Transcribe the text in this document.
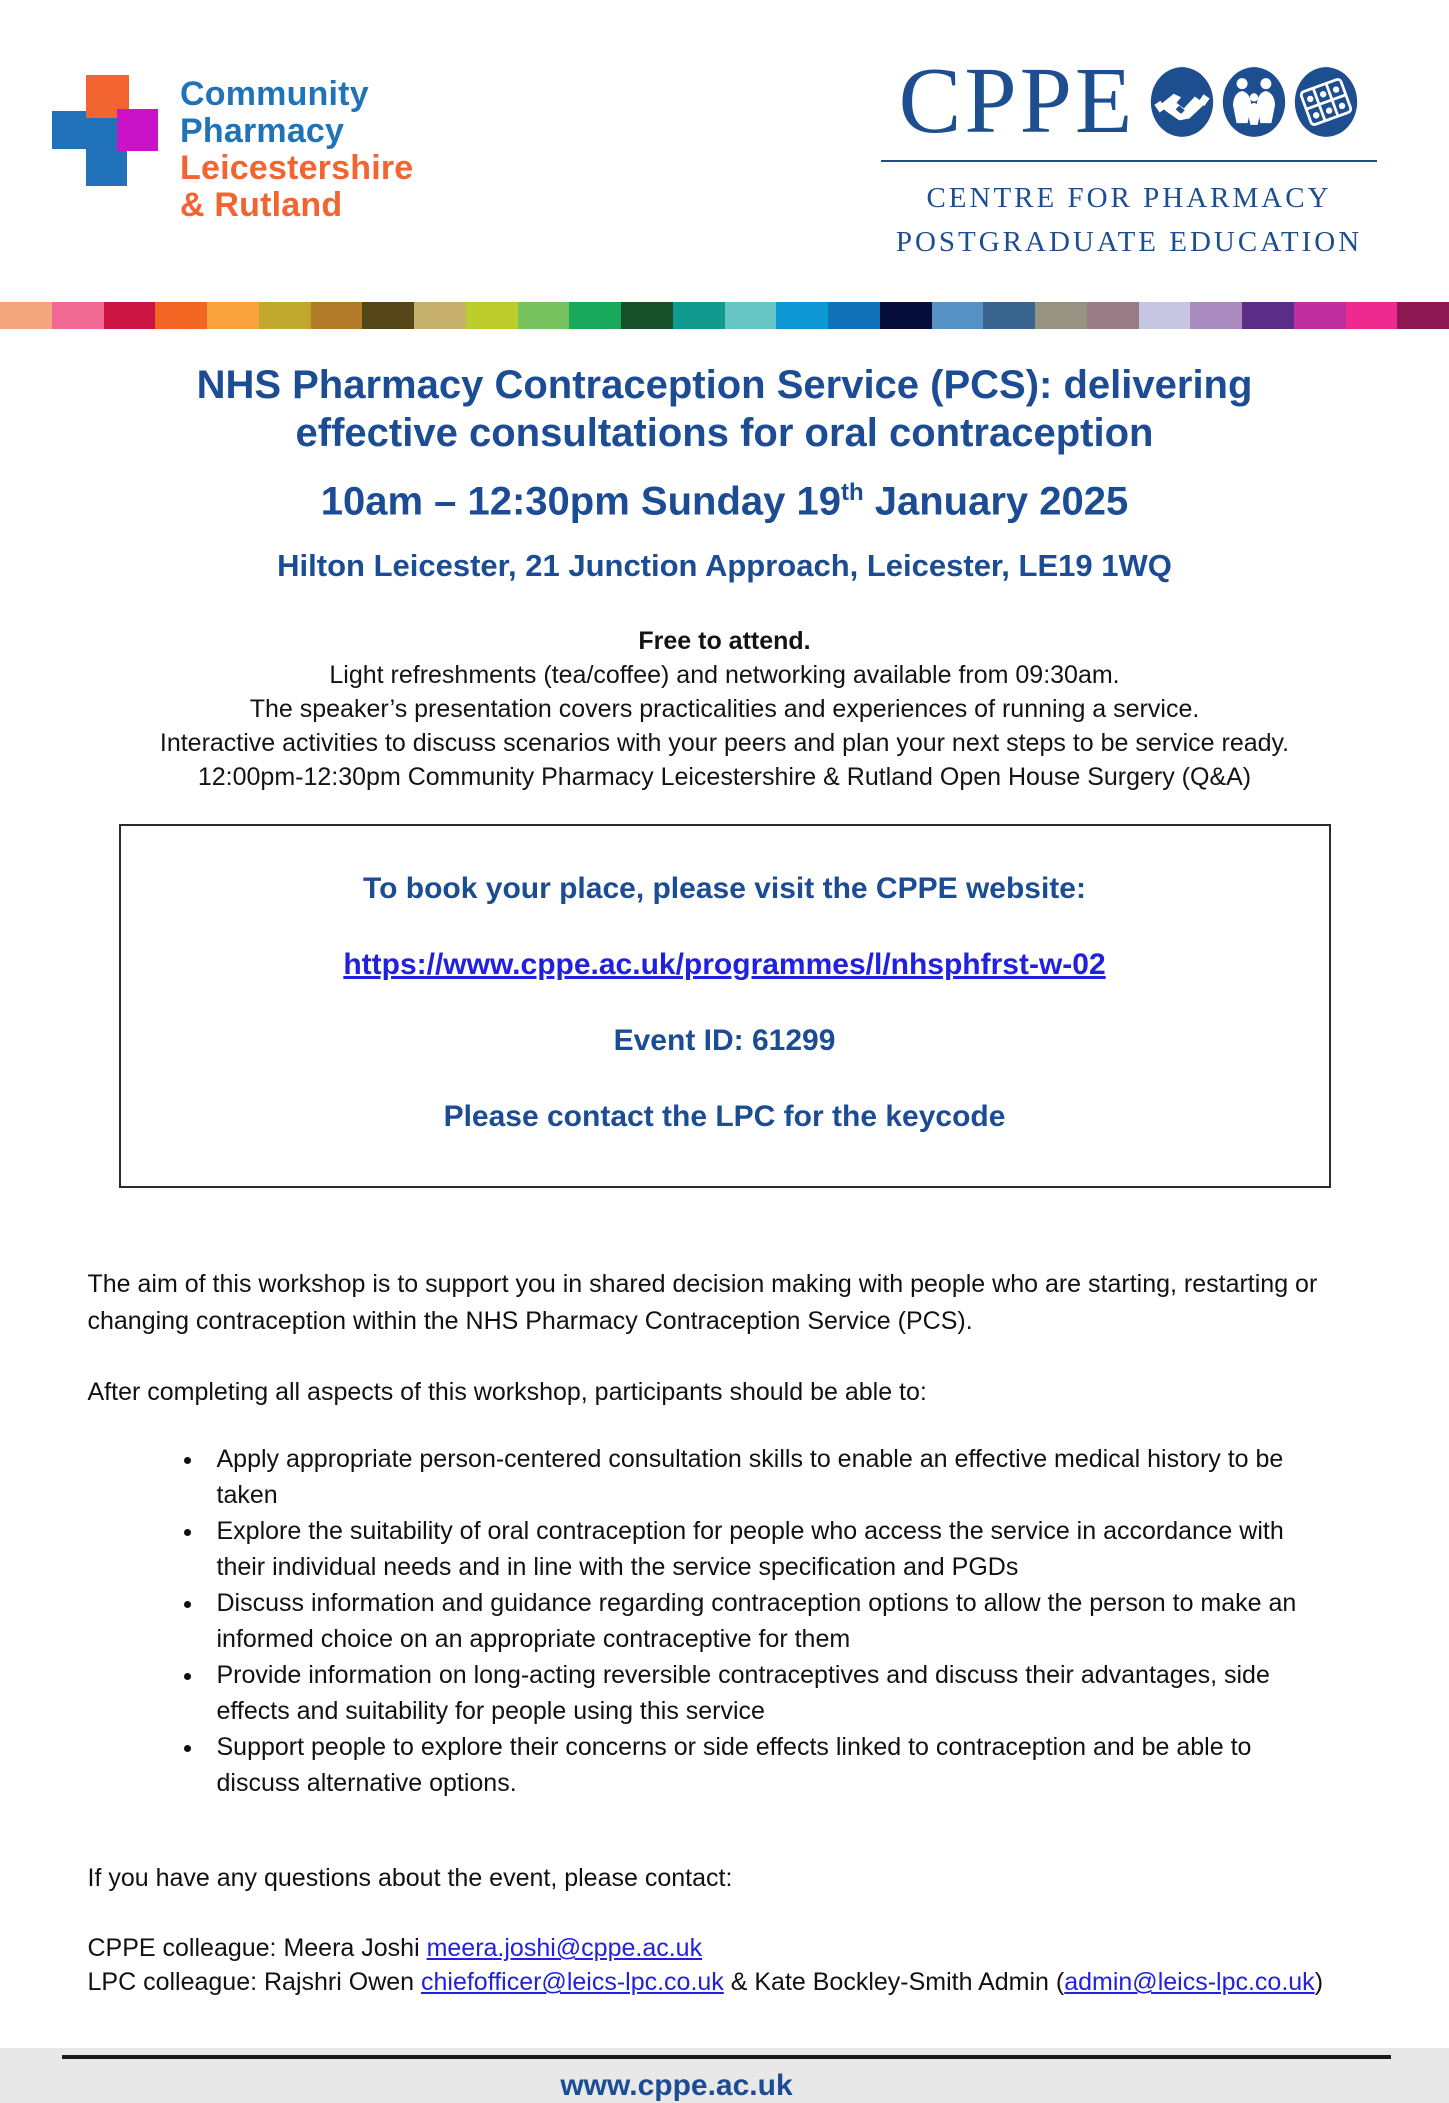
Community
Pharmacy
Leicestershire
& Rutland
CPPE
CENTRE FOR PHARMACY
POSTGRADUATE EDUCATION
NHS Pharmacy Contraception Service (PCS): delivering
effective consultations for oral contraception
10am – 12:30pm Sunday 19th January 2025
Hilton Leicester, 21 Junction Approach, Leicester, LE19 1WQ

Free to attend.

Light refreshments (tea/coffee) and networking available from 09:30am.

The speaker’s presentation covers practicalities and experiences of running a service.

Interactive activities to discuss scenarios with your peers and plan your next steps to be service ready.

12:00pm-12:30pm Community Pharmacy Leicestershire & Rutland Open House Surgery (Q&A)

To book your place, please visit the CPPE website:

https://www.cppe.ac.uk/programmes/l/nhsphfrst-w-02

Event ID: 61299

Please contact the LPC for the keycode

The aim of this workshop is to support you in shared decision making with people who are starting, restarting or changing contraception within the NHS Pharmacy Contraception Service (PCS).

After completing all aspects of this workshop, participants should be able to:

• Apply appropriate person-centered consultation skills to enable an effective medical history to be taken
• Explore the suitability of oral contraception for people who access the service in accordance with their individual needs and in line with the service specification and PGDs
• Discuss information and guidance regarding contraception options to allow the person to make an informed choice on an appropriate contraceptive for them
• Provide information on long-acting reversible contraceptives and discuss their advantages, side effects and suitability for people using this service
• Support people to explore their concerns or side effects linked to contraception and be able to discuss alternative options.

If you have any questions about the event, please contact:

CPPE colleague: Meera Joshi meera.joshi@cppe.ac.uk

LPC colleague: Rajshri Owen chiefofficer@leics-lpc.co.uk & Kate Bockley-Smith Admin (admin@leics-lpc.co.uk)

www.cppe.ac.uk
